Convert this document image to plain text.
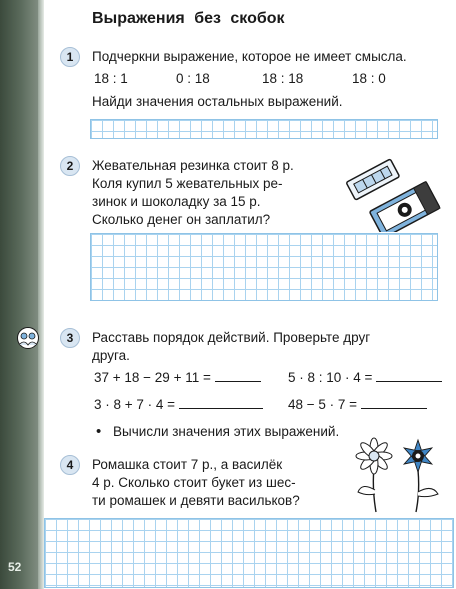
52
Выражения без скобок
1	Подчеркни выражение, которое не имеет смысла.
18 : 1	0 : 18	18 : 18	18 : 0
Найди значения остальных выражений.
2	Жевательная резинка стоит 8 р.
Коля купил 5 жевательных ре-
зинок и шоколадку за 15 р.
Сколько денег он заплатил?
3	Расставь порядок действий. Проверьте друг
друга.
37 + 18 − 29 + 11 =	5 · 8 : 10 · 4 =
3 · 8 + 7 · 4 =	48 − 5 · 7 =
• Вычисли значения этих выражений.
4	Ромашка стоит 7 р., а василёк
4 р. Сколько стоит букет из шес-
ти ромашек и девяти васильков?
